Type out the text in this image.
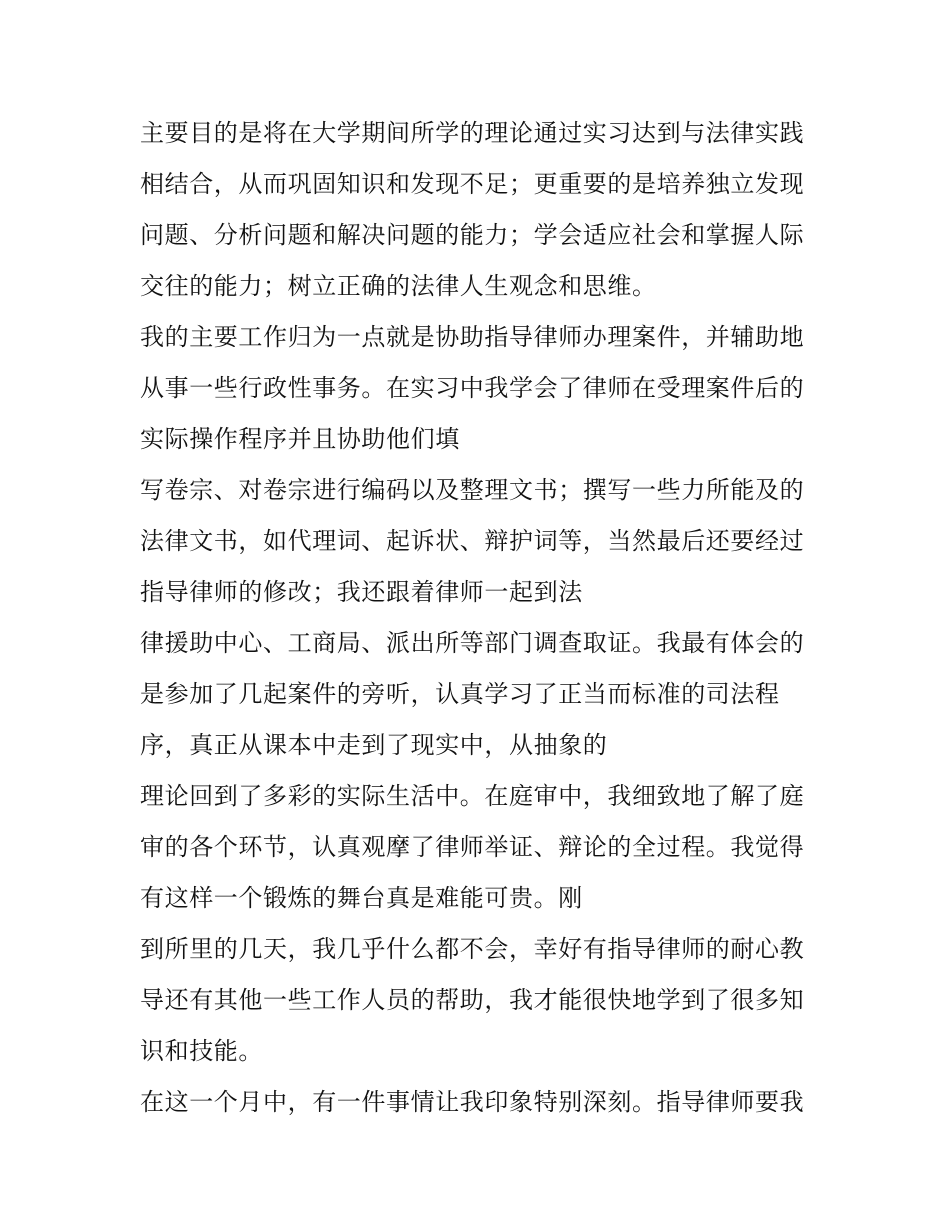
主要目的是将在大学期间所学的理论通过实习达到与法律实践
相结合，从而巩固知识和发现不足；更重要的是培养独立发现
问题、分析问题和解决问题的能力；学会适应社会和掌握人际
交往的能力；树立正确的法律人生观念和思维。
我的主要工作归为一点就是协助指导律师办理案件，并辅助地
从事一些行政性事务。在实习中我学会了律师在受理案件后的
实际操作程序并且协助他们填
写卷宗、对卷宗进行编码以及整理文书；撰写一些力所能及的
法律文书，如代理词、起诉状、辩护词等，当然最后还要经过
指导律师的修改；我还跟着律师一起到法
律援助中心、工商局、派出所等部门调查取证。我最有体会的
是参加了几起案件的旁听，认真学习了正当而标准的司法程
序，真正从课本中走到了现实中，从抽象的
理论回到了多彩的实际生活中。在庭审中，我细致地了解了庭
审的各个环节，认真观摩了律师举证、辩论的全过程。我觉得
有这样一个锻炼的舞台真是难能可贵。刚
到所里的几天，我几乎什么都不会，幸好有指导律师的耐心教
导还有其他一些工作人员的帮助，我才能很快地学到了很多知
识和技能。
在这一个月中，有一件事情让我印象特别深刻。指导律师要我
